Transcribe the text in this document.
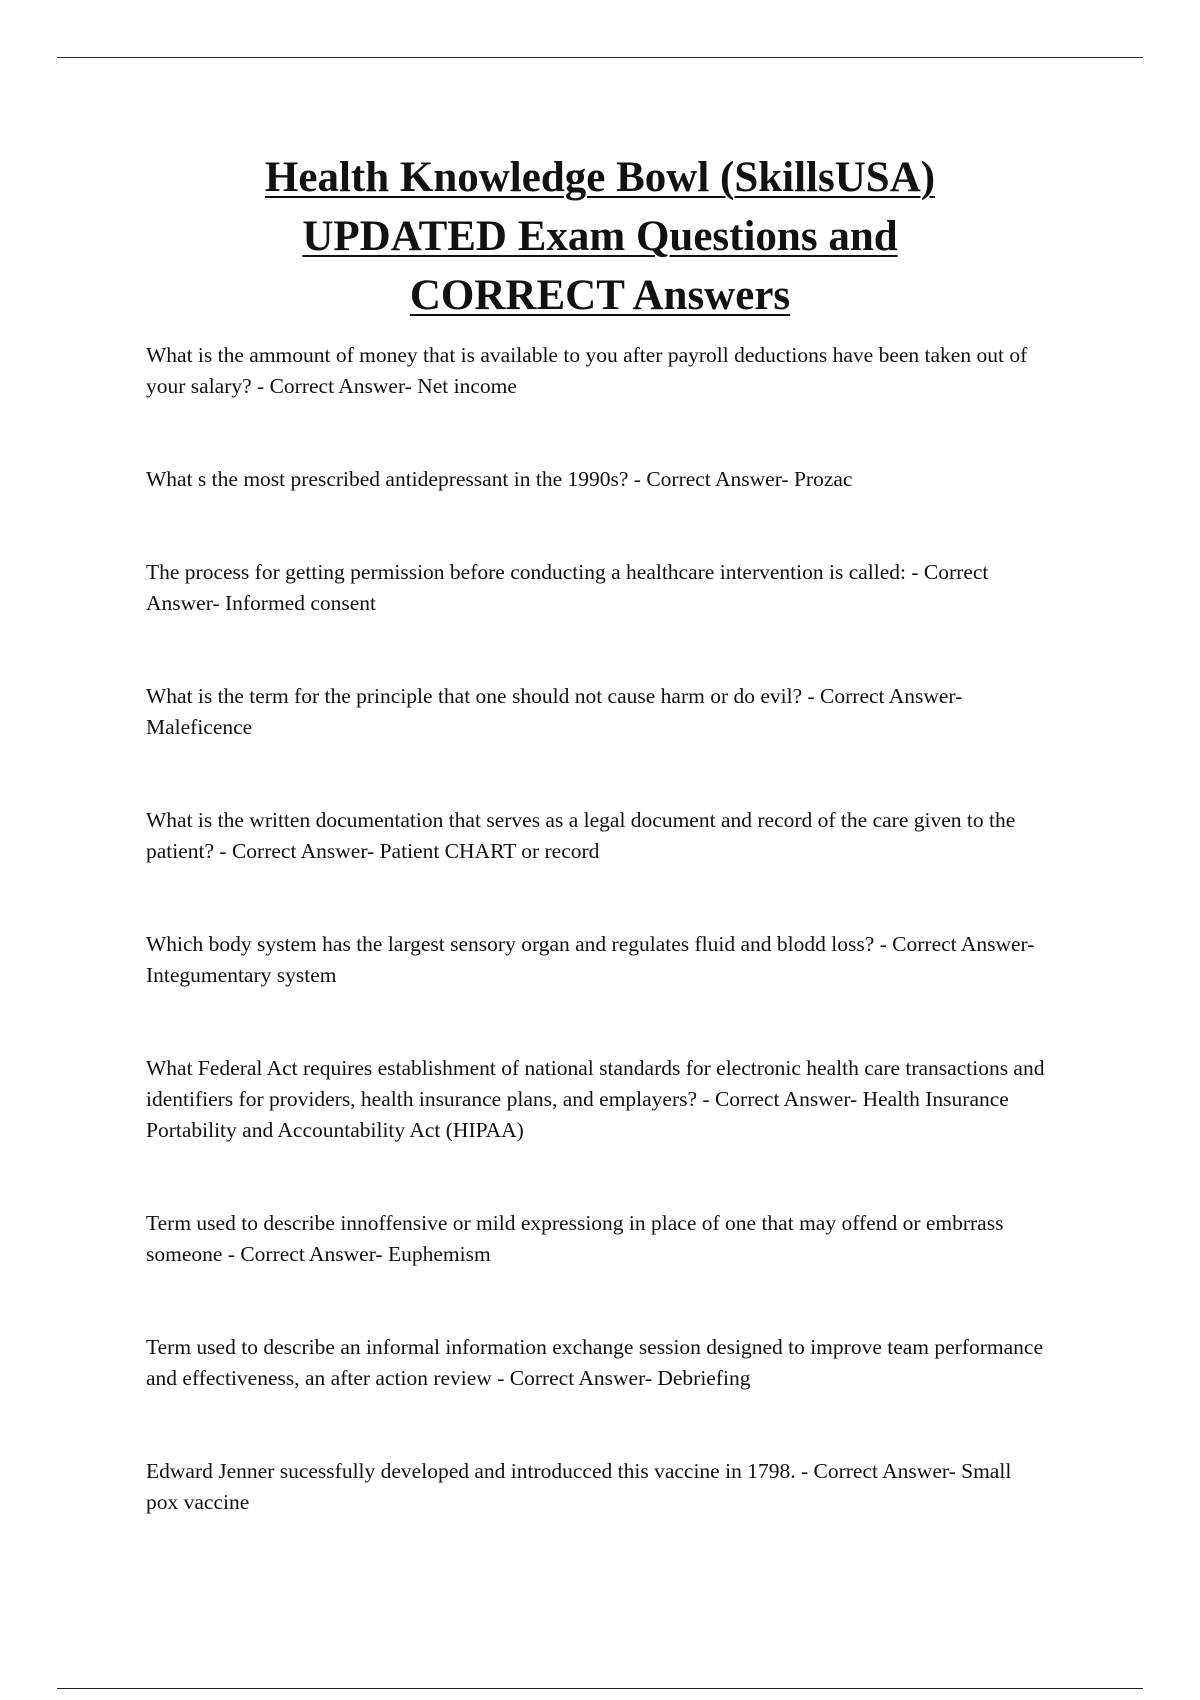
Health Knowledge Bowl (SkillsUSA)
UPDATED Exam Questions and
CORRECT Answers
What is the ammount of money that is available to you after payroll deductions have been taken out of your salary? - Correct Answer- Net income
What s the most prescribed antidepressant in the 1990s? - Correct Answer- Prozac
The process for getting permission before conducting a healthcare intervention is called: - Correct Answer- Informed consent
What is the term for the principle that one should not cause harm or do evil? - Correct Answer- Maleficence
What is the written documentation that serves as a legal document and record of the care given to the patient? - Correct Answer- Patient CHART or record
Which body system has the largest sensory organ and regulates fluid and blodd loss? - Correct Answer- Integumentary system
What Federal Act requires establishment of national standards for electronic health care transactions and identifiers for providers, health insurance plans, and emplayers? - Correct Answer- Health Insurance Portability and Accountability Act (HIPAA)
Term used to describe innoffensive or mild expressiong in place of one that may offend or embrrass someone - Correct Answer- Euphemism
Term used to describe an informal information exchange session designed to improve team performance and effectiveness, an after action review - Correct Answer- Debriefing
Edward Jenner sucessfully developed and introducced this vaccine in 1798. - Correct Answer- Small pox vaccine
